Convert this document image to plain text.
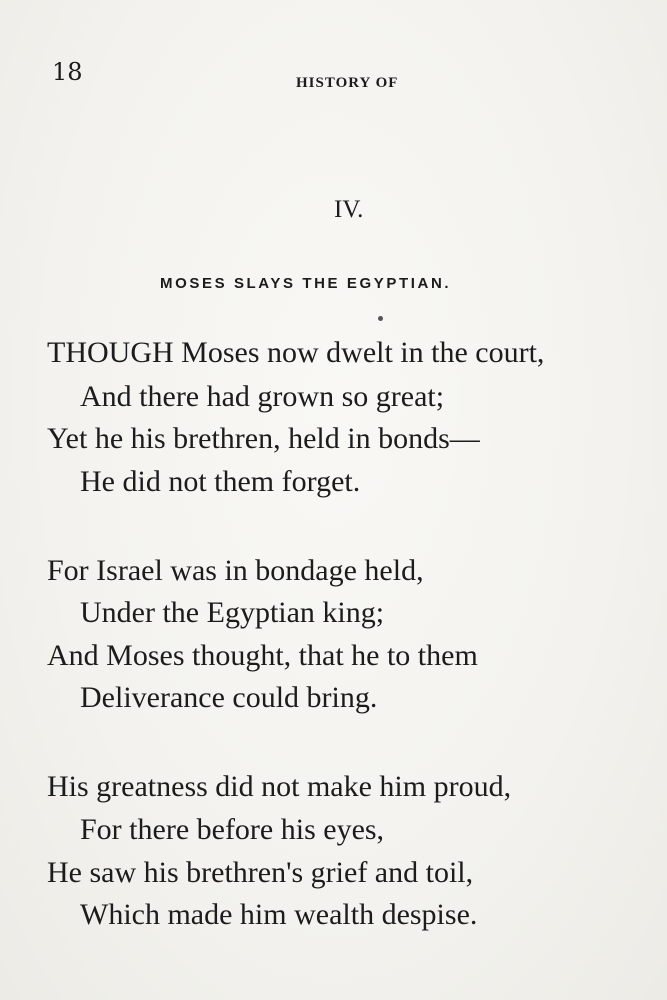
18	HISTORY OF
IV.
MOSES SLAYS THE EGYPTIAN.
THOUGH Moses now dwelt in the court,
And there had grown so great;
Yet he his brethren, held in bonds—
He did not them forget.
For Israel was in bondage held,
Under the Egyptian king;
And Moses thought, that he to them
Deliverance could bring.
His greatness did not make him proud,
For there before his eyes,
He saw his brethren's grief and toil,
Which made him wealth despise.
